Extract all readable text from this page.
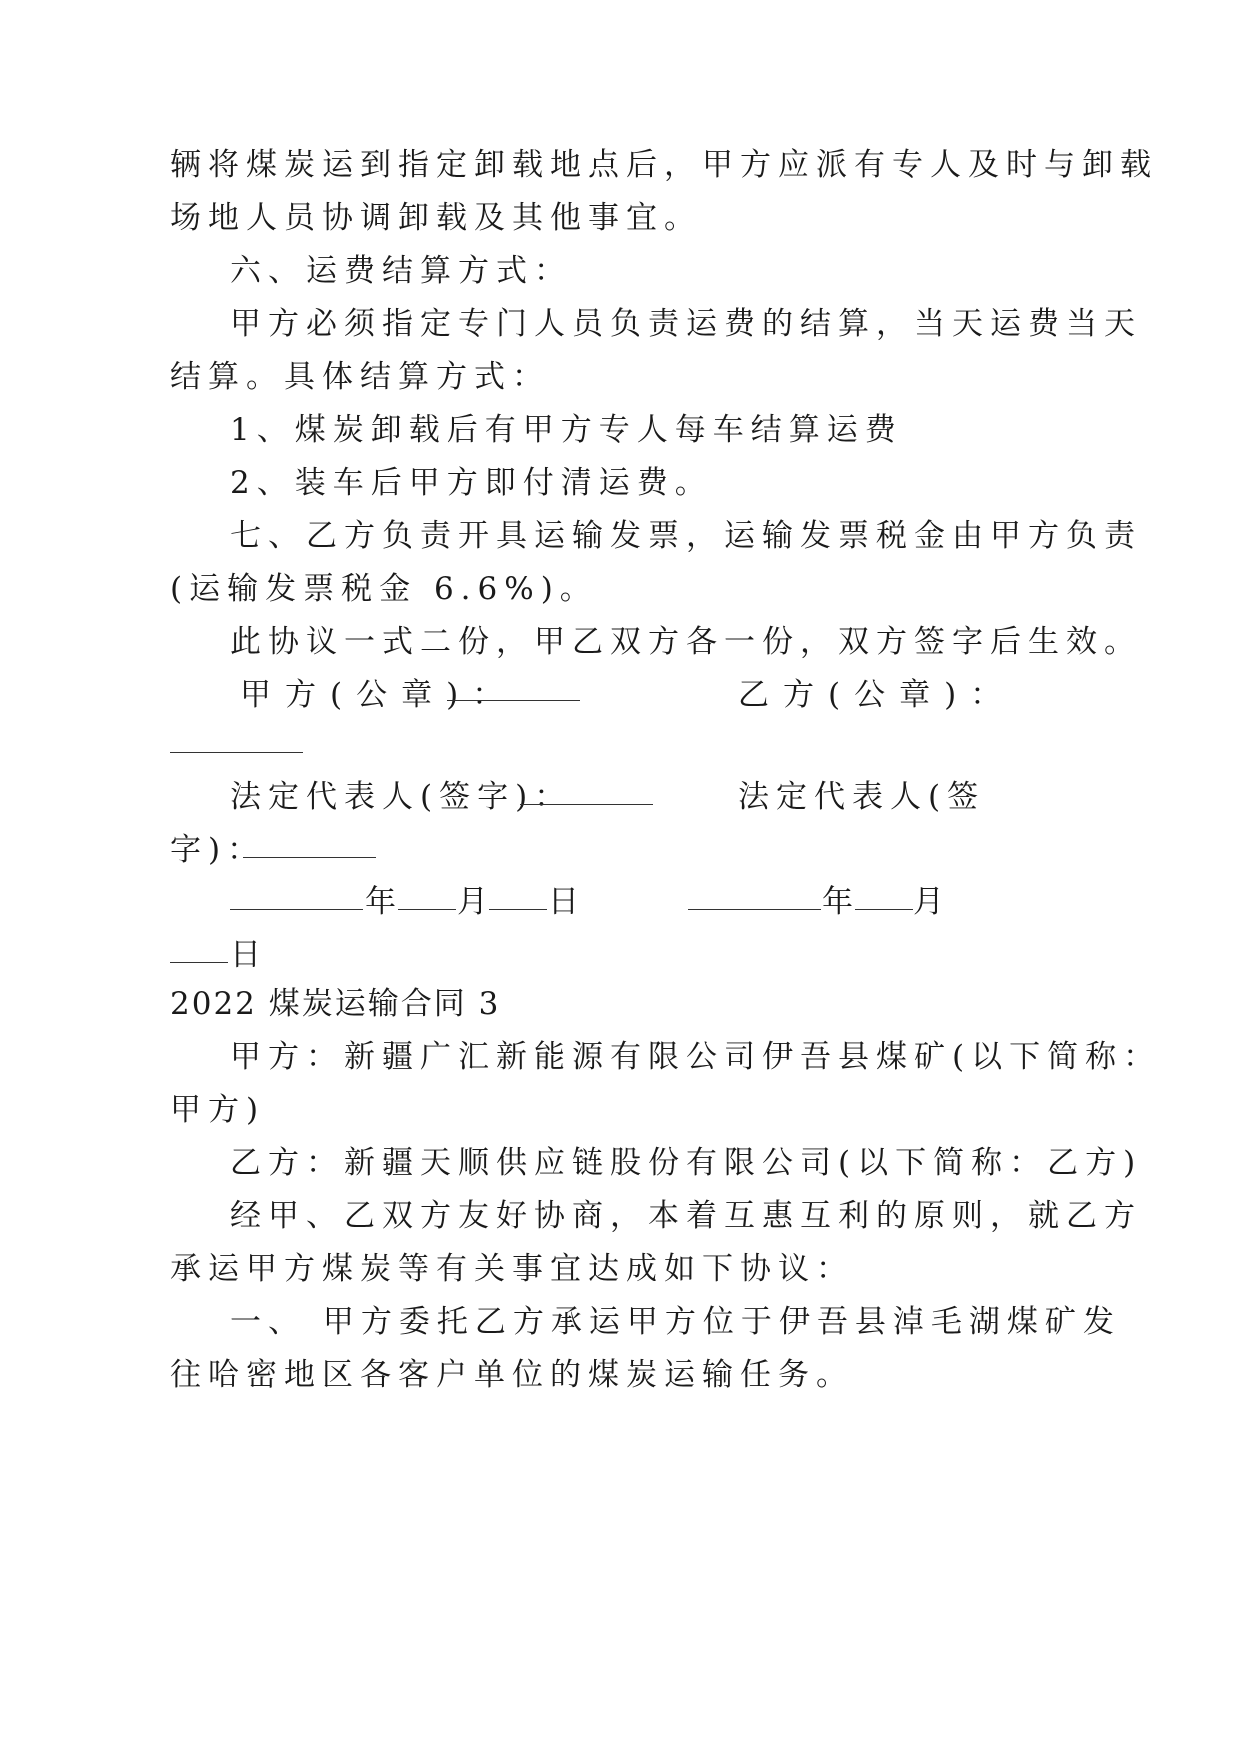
辆将煤炭运到指定卸载地点后，甲方应派有专人及时与卸载
场地人员协调卸载及其他事宜。
六、运费结算方式：
甲方必须指定专门人员负责运费的结算，当天运费当天
结算。具体结算方式：
1、煤炭卸载后有甲方专人每车结算运费
2、装车后甲方即付清运费。
七、乙方负责开具运输发票，运输发票税金由甲方负责
(运输发票税金 6.6%)。
此协议一式二份，甲乙双方各一份，双方签字后生效。
甲方(公章)：	乙方(公章)：
法定代表人(签字)：	法定代表人(签
字)：
年 月 日	年 月
日
2022 煤炭运输合同 3
甲方：新疆广汇新能源有限公司伊吾县煤矿(以下简称：
甲方)
乙方：新疆天顺供应链股份有限公司(以下简称：乙方)
经甲、乙双方友好协商，本着互惠互利的原则，就乙方
承运甲方煤炭等有关事宜达成如下协议：
一、 甲方委托乙方承运甲方位于伊吾县淖毛湖煤矿发
往哈密地区各客户单位的煤炭运输任务。
